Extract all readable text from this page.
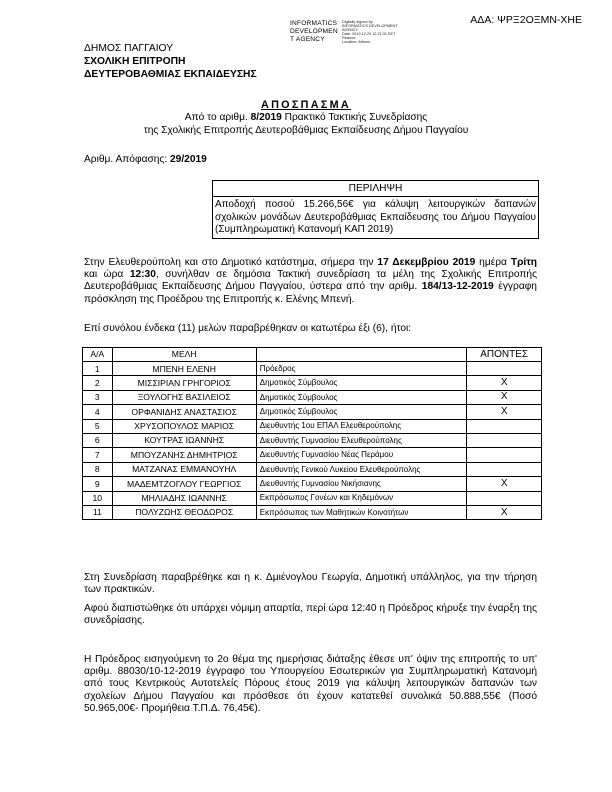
ΑΔΑ: ΨΡΞ2ΟΞΜΝ-ΧΗΕ
INFORMATICS
DEVELOPMEN
T AGENCY
Digitally signed by
INFORMATICS DEVELOPMENT AGENCY
Date: 2019.12.20 12:21:31 EET
Reason:
Location: Athens
ΔΗΜΟΣ ΠΑΓΓΑΙΟΥ
ΣΧΟΛΙΚΗ ΕΠΙΤΡΟΠΗ
ΔΕΥΤΕΡΟΒΑΘΜΙΑΣ ΕΚΠΑΙΔΕΥΣΗΣ
ΑΠΟΣΠΑΣΜΑ
Από το αριθμ. 8/2019 Πρακτικό Τακτικής Συνεδρίασης
της Σχολικής Επιτροπής Δευτεροβάθμιας Εκπαίδευσης Δήμου Παγγαίου
Αριθμ. Απόφασης: 29/2019
ΠΕΡΙΛΗΨΗ
Αποδοχή ποσού 15.266,56€ για κάλυψη λειτουργικών δαπανών σχολικών μονάδων Δευτεροβάθμιας Εκπαίδευσης του Δήμου Παγγαίου (Συμπληρωματική Κατανομή ΚΑΠ 2019)
Στην Ελευθερούπολη και στο Δημοτικό κατάστημα, σήμερα την 17 Δεκεμβρίου 2019 ημέρα Τρίτη και ώρα 12:30, συνήλθαν σε δημόσια Τακτική συνεδρίαση τα μέλη της Σχολικής Επιτροπής Δευτεροβάθμιας Εκπαίδευσης Δήμου Παγγαίου, ύστερα από την αριθμ. 184/13-12-2019 έγγραφη πρόσκληση της Προέδρου της Επιτροπής κ. Ελένης Μπενή.
Επί συνόλου ένδεκα (11) μελών παραβρέθηκαν οι κατωτέρω έξι (6), ήτοι:
Α/Α	ΜΕΛΗ		ΑΠΟΝΤΕΣ
1	ΜΠΕΝΗ ΕΛΕΝΗ	Πρόεδρος	
2	ΜΙΣΣΙΡΙΑΝ ΓΡΗΓΟΡΙΟΣ	Δημοτικός Σύμβουλος	Χ
3	ΞΟΥΛΟΓΗΣ ΒΑΣΙΛΕΙΟΣ	Δημοτικός Σύμβουλος	Χ
4	ΟΡΦΑΝΙΔΗΣ ΑΝΑΣΤΑΣΙΟΣ	Δημοτικός Σύμβουλος	Χ
5	ΧΡΥΣΟΠΟΥΛΟΣ ΜΑΡΙΟΣ	Διευθυντής 1ου ΕΠΑΛ Ελευθερούπολης	
6	ΚΟΥΤΡΑΣ ΙΩΑΝΝΗΣ	Διευθυντής Γυμνασίου Ελευθερούπολης	
7	ΜΠΟΥΖΑΝΗΣ ΔΗΜΗΤΡΙΟΣ	Διευθυντής Γυμνασίου Νέας Περάμου	
8	ΜΑΤΖΑΝΑΣ ΕΜΜΑΝΟΥΗΛ	Διευθυντής Γενικού Λυκείου Ελευθερούπολης	
9	ΜΑΔΕΜΤΖΟΓΛΟΥ ΓΕΩΡΓΙΟΣ	Διευθυντής Γυμνασίου Νικήσιανης	Χ
10	ΜΗΛΙΑΔΗΣ ΙΩΑΝΝΗΣ	Εκπρόσωπος Γονέων και Κηδεμόνων	
11	ΠΟΛΥΖΩΗΣ ΘΕΟΔΩΡΟΣ	Εκπρόσωπος των Μαθητικών Κοινοτήτων	Χ
Στη Συνεδρίαση παραβρέθηκε και η κ. Δμιένογλου Γεωργία, Δημοτική υπάλληλος, για την τήρηση των πρακτικών.
Αφού διαπιστώθηκε ότι υπάρχει νόμιμη απαρτία, περί ώρα 12:40 η Πρόεδρος κήρυξε την έναρξη της συνεδρίασης.
Η Πρόεδρος εισηγούμενη το 2ο θέμα της ημερήσιας διάταξης έθεσε υπ' όψιν της επιτροπής το υπ' αριθμ. 88030/10-12-2019 έγγραφο του Υπουργείου Εσωτερικών για Συμπληρωματική Κατανομή από τους Κεντρικούς Αυτοτελείς Πόρους έτους 2019 για κάλυψη λειτουργικών δαπανών των σχολείων Δήμου Παγγαίου και πρόσθεσε ότι έχουν κατατεθεί συνολικά 50.888,55€ (Ποσό 50.965,00€- Προμήθεια Τ.Π.Δ. 76,45€).
